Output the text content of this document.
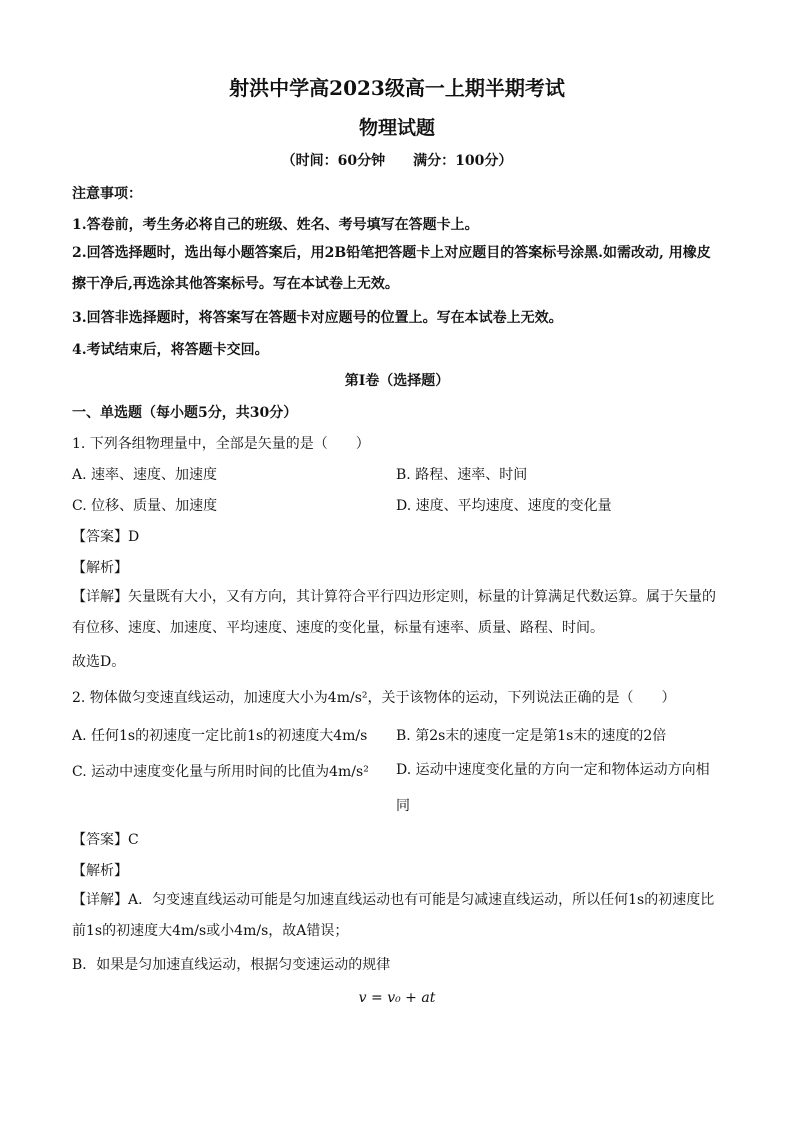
射洪中学高2023级高一上期半期考试
物理试题
（时间：60分钟　　满分：100分）
注意事项：
1.答卷前，考生务必将自己的班级、姓名、考号填写在答题卡上。
2.回答选择题时，选出每小题答案后，用2B铅笔把答题卡上对应题目的答案标号涂黑.如需改动, 用橡皮擦干净后,再选涂其他答案标号。写在本试卷上无效。
3.回答非选择题时，将答案写在答题卡对应题号的位置上。写在本试卷上无效。
4.考试结束后，将答题卡交回。
第I卷（选择题）
一、单选题（每小题5分，共30分）
1. 下列各组物理量中，全部是矢量的是（　　）
A. 速率、速度、加速度	B. 路程、速率、时间
C. 位移、质量、加速度	D. 速度、平均速度、速度的变化量
【答案】D
【解析】
【详解】矢量既有大小，又有方向，其计算符合平行四边形定则，标量的计算满足代数运算。属于矢量的有位移、速度、加速度、平均速度、速度的变化量，标量有速率、质量、路程、时间。
故选D。
2. 物体做匀变速直线运动，加速度大小为4m/s²，关于该物体的运动，下列说法正确的是（　　）
A. 任何1s的初速度一定比前1s的初速度大4m/s B. 第2s末的速度一定是第1s末的速度的2倍
C. 运动中速度变化量与所用时间的比值为4m/s² D. 运动中速度变化量的方向一定和物体运动方向相同
【答案】C
【解析】
【详解】A．匀变速直线运动可能是匀加速直线运动也有可能是匀减速直线运动，所以任何1s的初速度比前1s的初速度大4m/s或小4m/s，故A错误；
B．如果是匀加速直线运动，根据匀变速运动的规律
v = v₀ + at
